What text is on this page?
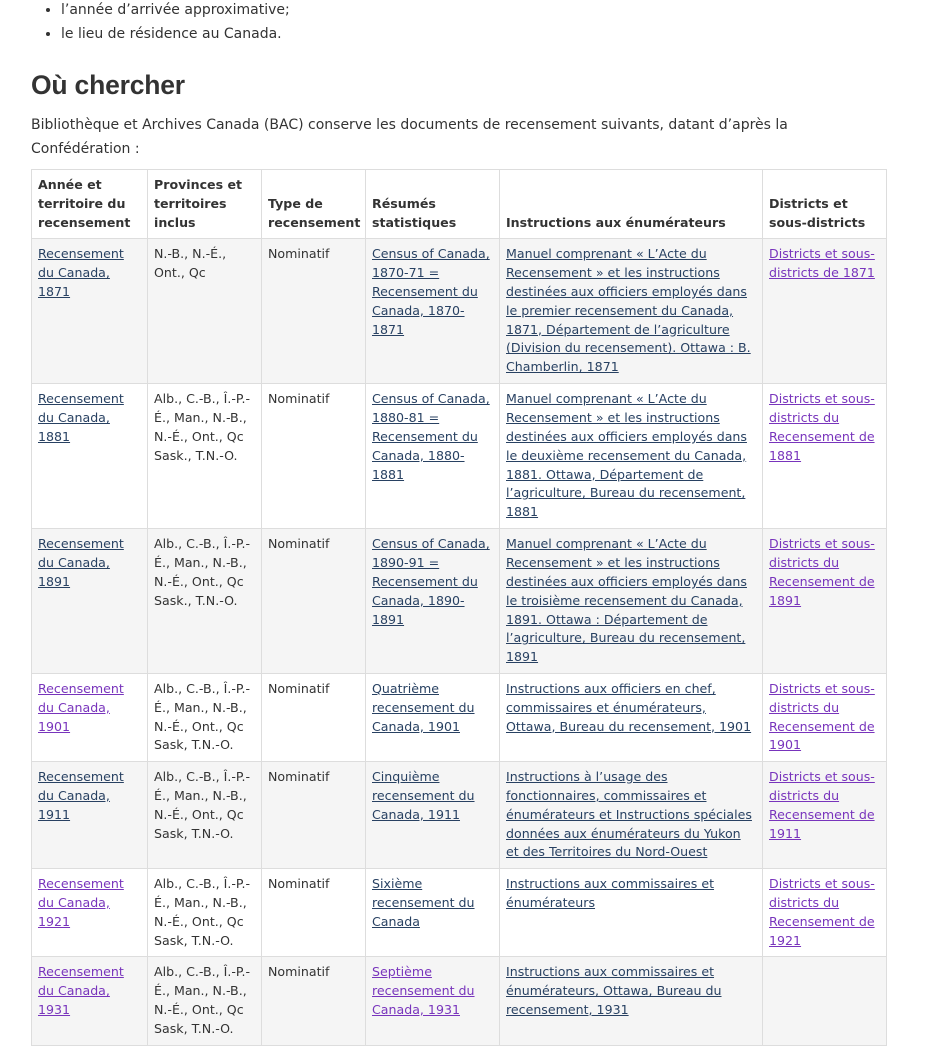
• l’année d’arrivée approximative;
• le lieu de résidence au Canada.
Où chercher

Bibliothèque et Archives Canada (BAC) conserve les documents de recensement suivants, datant d’après la Confédération :

Année et territoire du recensement	Provinces et territoires inclus	Type de recensement	Résumés statistiques	Instructions aux énumérateurs	Districts et sous-districts
Recensement du Canada, 1871	N.-B., N.-É., Ont., Qc	Nominatif	Census of Canada, 1870-71 = Recensement du Canada, 1870-1871	Manuel comprenant « L’Acte du Recensement » et les instructions destinées aux officiers employés dans le premier recensement du Canada, 1871, Département de l’agriculture (Division du recensement). Ottawa : B. Chamberlin, 1871	Districts et sous-districts de 1871
Recensement du Canada, 1881	Alb., C.-B., Î.-P.-É., Man., N.-B., N.-É., Ont., Qc Sask., T.N.-O.	Nominatif	Census of Canada, 1880-81 = Recensement du Canada, 1880-1881	Manuel comprenant « L’Acte du Recensement » et les instructions destinées aux officiers employés dans le deuxième recensement du Canada, 1881. Ottawa, Département de l’agriculture, Bureau du recensement, 1881	Districts et sous-districts du Recensement de 1881
Recensement du Canada, 1891	Alb., C.-B., Î.-P.-É., Man., N.-B., N.-É., Ont., Qc Sask., T.N.-O.	Nominatif	Census of Canada, 1890-91 = Recensement du Canada, 1890-1891	Manuel comprenant « L’Acte du Recensement » et les instructions destinées aux officiers employés dans le troisième recensement du Canada, 1891. Ottawa : Département de l’agriculture, Bureau du recensement, 1891	Districts et sous-districts du Recensement de 1891
Recensement du Canada, 1901	Alb., C.-B., Î.-P.-É., Man., N.-B., N.-É., Ont., Qc Sask, T.N.-O.	Nominatif	Quatrième recensement du Canada, 1901	Instructions aux officiers en chef, commissaires et énumérateurs, Ottawa, Bureau du recensement, 1901	Districts et sous-districts du Recensement de 1901
Recensement du Canada, 1911	Alb., C.-B., Î.-P.-É., Man., N.-B., N.-É., Ont., Qc Sask, T.N.-O.	Nominatif	Cinquième recensement du Canada, 1911	Instructions à l’usage des fonctionnaires, commissaires et énumérateurs et Instructions spéciales données aux énumérateurs du Yukon et des Territoires du Nord-Ouest	Districts et sous-districts du Recensement de 1911
Recensement du Canada, 1921	Alb., C.-B., Î.-P.-É., Man., N.-B., N.-É., Ont., Qc Sask, T.N.-O.	Nominatif	Sixième recensement du Canada	Instructions aux commissaires et énumérateurs	Districts et sous-districts du Recensement de 1921
Recensement du Canada, 1931	Alb., C.-B., Î.-P.-É., Man., N.-B., N.-É., Ont., Qc Sask, T.N.-O.	Nominatif	Septième recensement du Canada, 1931	Instructions aux commissaires et énumérateurs, Ottawa, Bureau du recensement, 1931	
